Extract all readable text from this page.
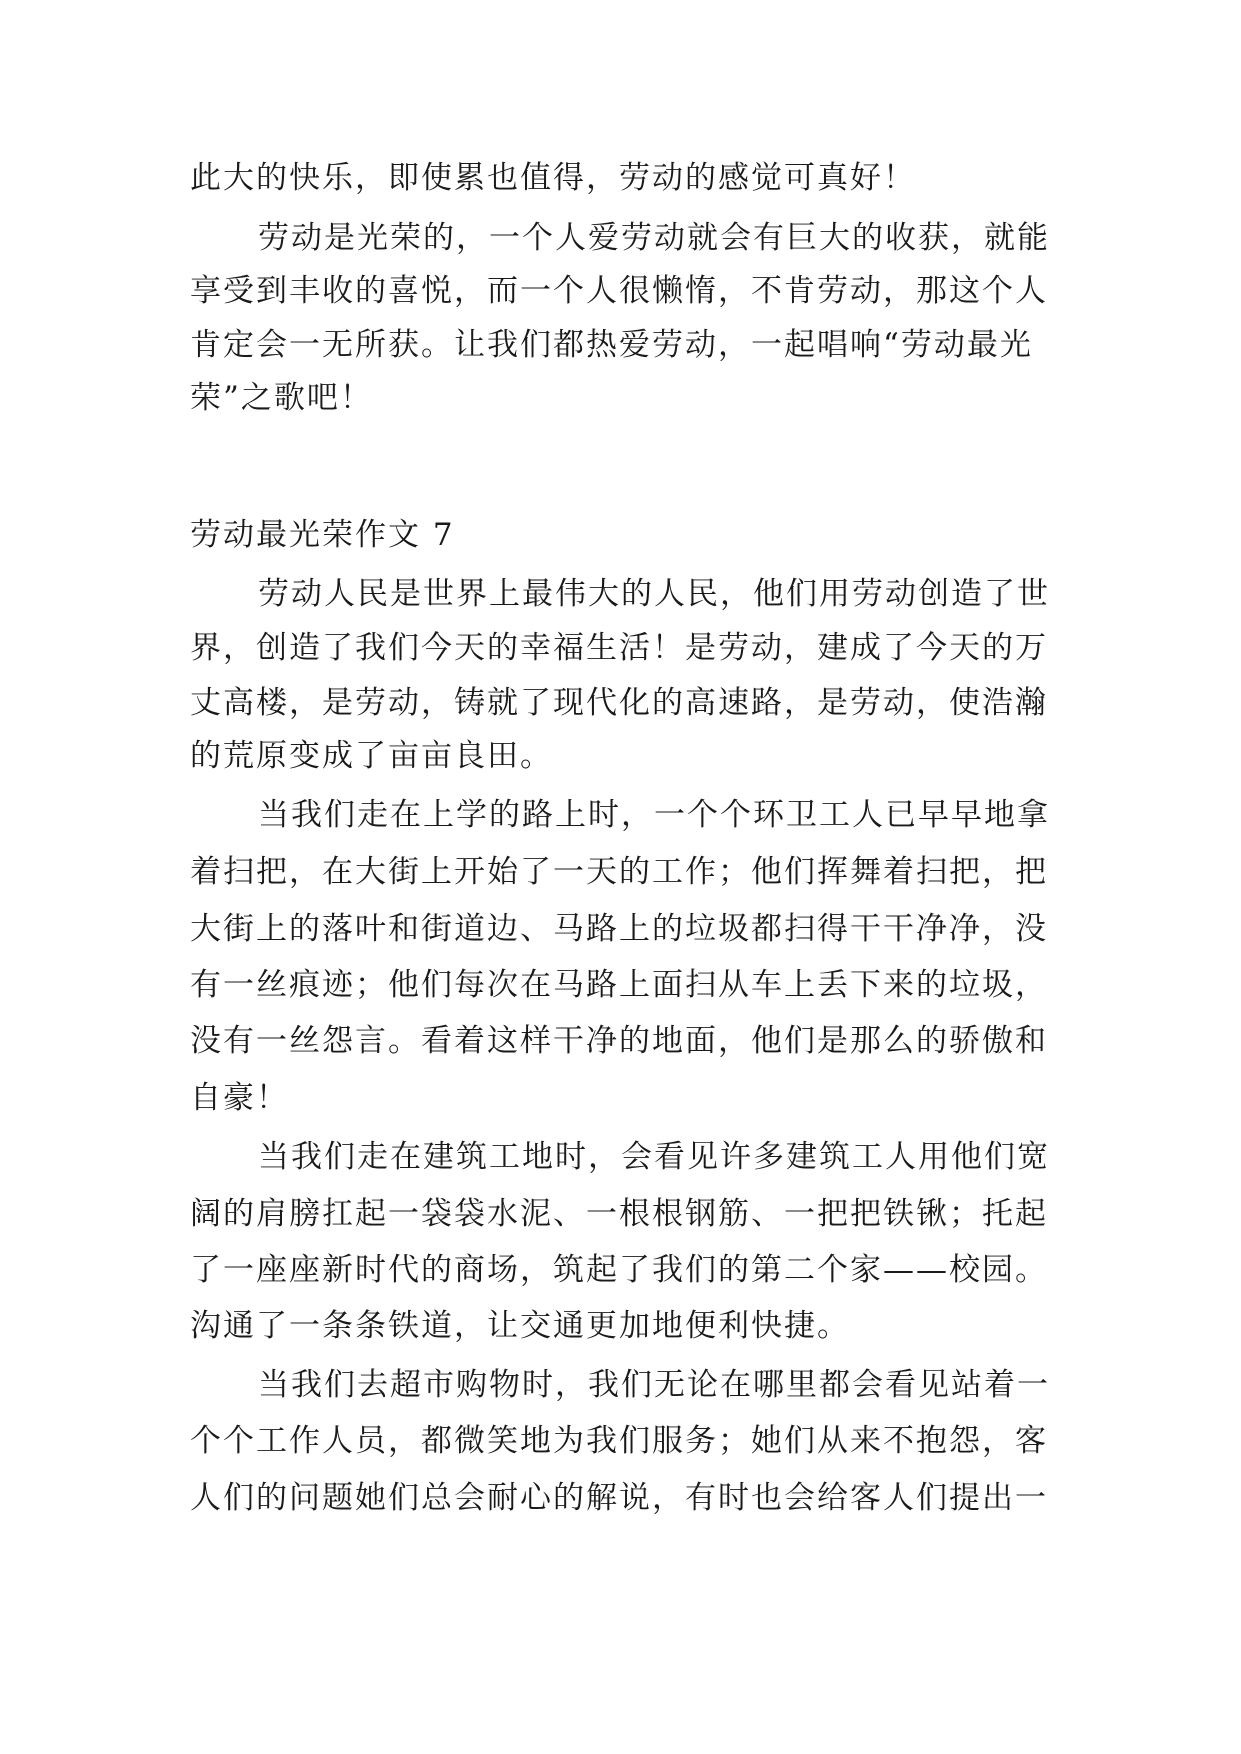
此大的快乐，即使累也值得，劳动的感觉可真好！
劳动是光荣的，一个人爱劳动就会有巨大的收获，就能
享受到丰收的喜悦，而一个人很懒惰，不肯劳动，那这个人
肯定会一无所获。让我们都热爱劳动，一起唱响“劳动最光
荣”之歌吧！
劳动最光荣作文 7
劳动人民是世界上最伟大的人民，他们用劳动创造了世
界，创造了我们今天的幸福生活！是劳动，建成了今天的万
丈高楼，是劳动，铸就了现代化的高速路，是劳动，使浩瀚
的荒原变成了亩亩良田。
当我们走在上学的路上时，一个个环卫工人已早早地拿
着扫把，在大街上开始了一天的工作；他们挥舞着扫把，把
大街上的落叶和街道边、马路上的垃圾都扫得干干净净，没
有一丝痕迹；他们每次在马路上面扫从车上丢下来的垃圾，
没有一丝怨言。看着这样干净的地面，他们是那么的骄傲和
自豪！
当我们走在建筑工地时，会看见许多建筑工人用他们宽
阔的肩膀扛起一袋袋水泥、一根根钢筋、一把把铁锹；托起
了一座座新时代的商场，筑起了我们的第二个家——校园。
沟通了一条条铁道，让交通更加地便利快捷。
当我们去超市购物时，我们无论在哪里都会看见站着一
个个工作人员，都微笑地为我们服务；她们从来不抱怨，客
人们的问题她们总会耐心的解说，有时也会给客人们提出一
